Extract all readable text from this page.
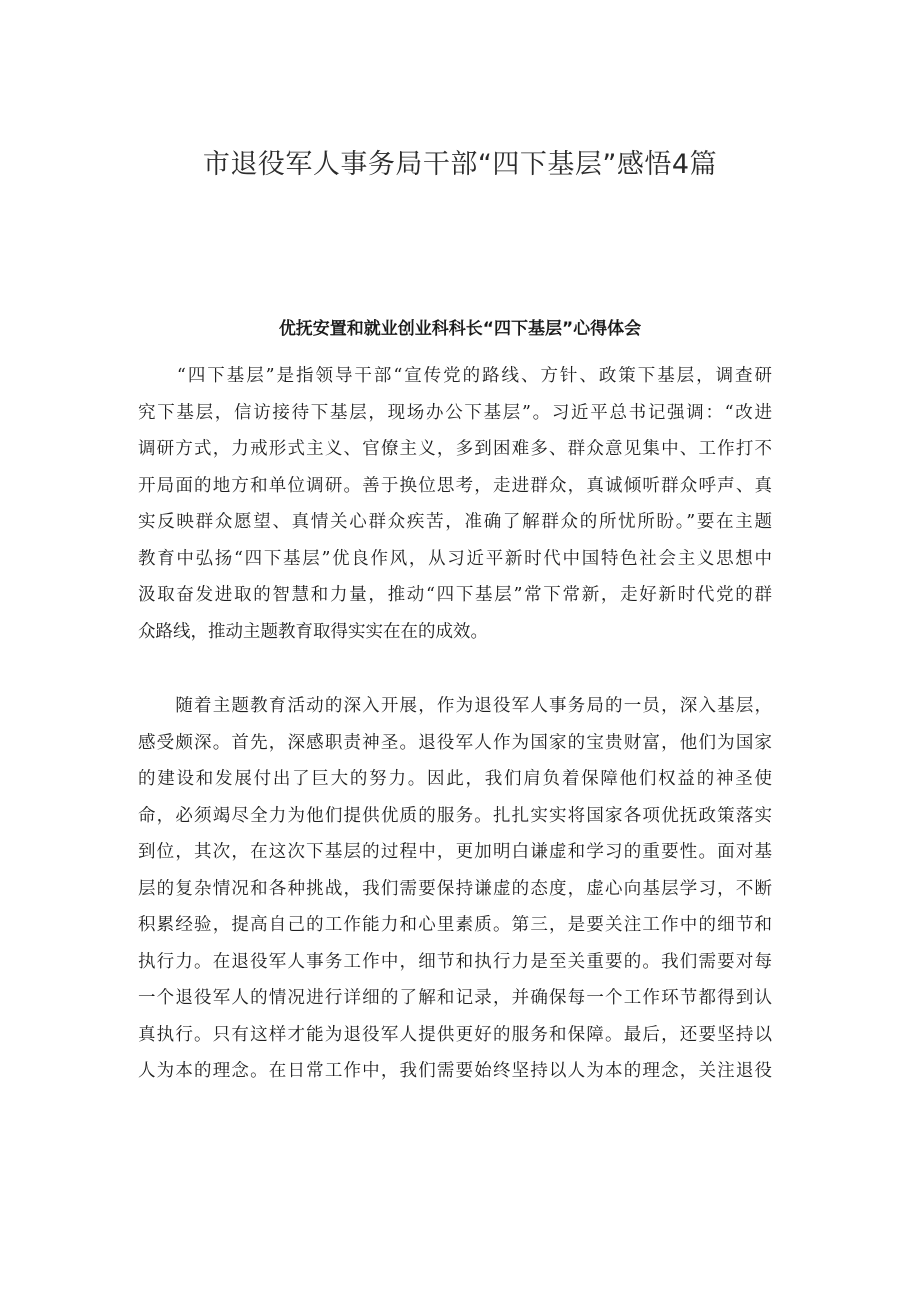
市退役军人事务局干部“四下基层”感悟4篇
优抚安置和就业创业科科长“四下基层”心得体会
　　“四下基层”是指领导干部“宣传党的路线、方针、政策下基层，调查研
究下基层，信访接待下基层，现场办公下基层”。习近平总书记强调：“改进
调研方式，力戒形式主义、官僚主义，多到困难多、群众意见集中、工作打不
开局面的地方和单位调研。善于换位思考，走进群众，真诚倾听群众呼声、真
实反映群众愿望、真情关心群众疾苦，准确了解群众的所忧所盼。”要在主题
教育中弘扬“四下基层”优良作风，从习近平新时代中国特色社会主义思想中
汲取奋发进取的智慧和力量，推动“四下基层”常下常新，走好新时代党的群
众路线，推动主题教育取得实实在在的成效。
　　随着主题教育活动的深入开展，作为退役军人事务局的一员，深入基层，
感受颇深。首先，深感职责神圣。退役军人作为国家的宝贵财富，他们为国家
的建设和发展付出了巨大的努力。因此，我们肩负着保障他们权益的神圣使
命，必须竭尽全力为他们提供优质的服务。扎扎实实将国家各项优抚政策落实
到位，其次，在这次下基层的过程中，更加明白谦虚和学习的重要性。面对基
层的复杂情况和各种挑战，我们需要保持谦虚的态度，虚心向基层学习，不断
积累经验，提高自己的工作能力和心里素质。第三，是要关注工作中的细节和
执行力。在退役军人事务工作中，细节和执行力是至关重要的。我们需要对每
一个退役军人的情况进行详细的了解和记录，并确保每一个工作环节都得到认
真执行。只有这样才能为退役军人提供更好的服务和保障。最后，还要坚持以
人为本的理念。在日常工作中，我们需要始终坚持以人为本的理念，关注退役
